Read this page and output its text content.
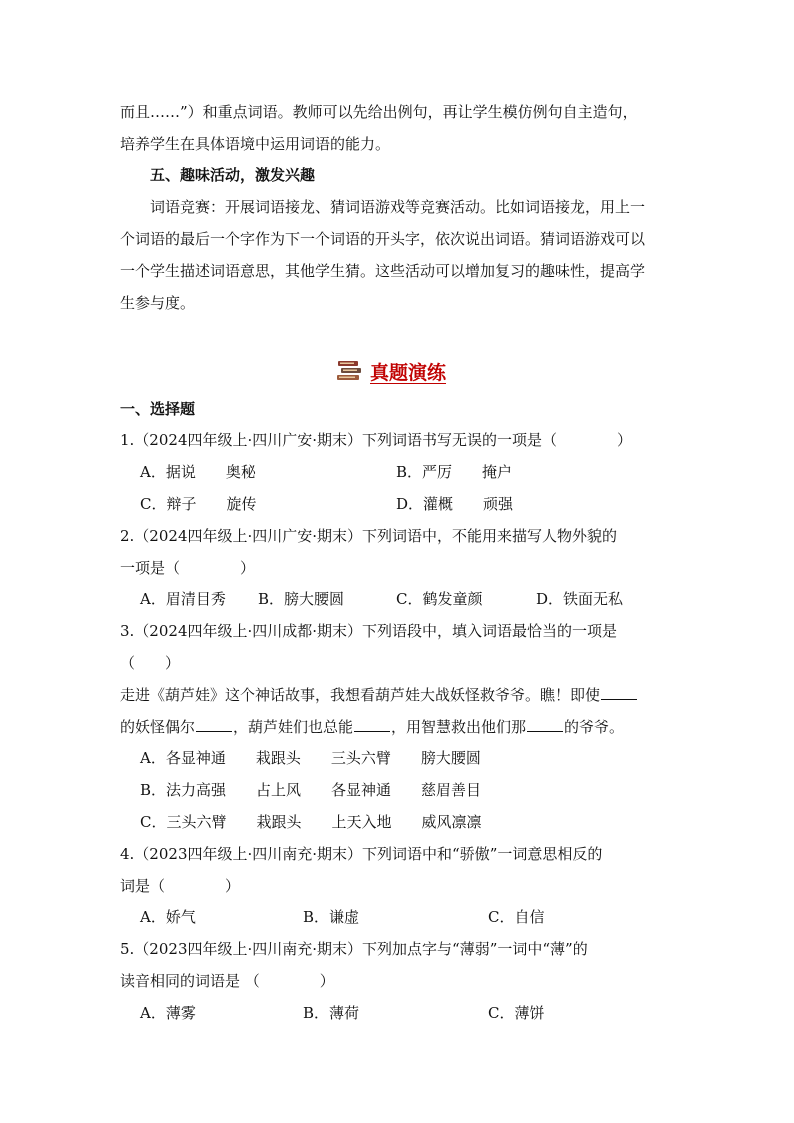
而且……”）和重点词语。教师可以先给出例句，再让学生模仿例句自主造句，
培养学生在具体语境中运用词语的能力。
五、趣味活动，激发兴趣
词语竞赛：开展词语接龙、猜词语游戏等竞赛活动。比如词语接龙，用上一
个词语的最后一个字作为下一个词语的开头字，依次说出词语。猜词语游戏可以
一个学生描述词语意思，其他学生猜。这些活动可以增加复习的趣味性，提高学
生参与度。
真题演练
一、选择题
1.（2024四年级上·四川广安·期末）下列词语书写无误的一项是（　　　　）
A．据说　　奥秘	B．严厉　　掩户
C．辩子　　旋传	D．灌概　　顽强
2.（2024四年级上·四川广安·期末）下列词语中，不能用来描写人物外貌的
一项是（　　　　）
A．眉清目秀 B．膀大腰圆	C．鹤发童颜	D．铁面无私
3.（2024四年级上·四川成都·期末）下列语段中，填入词语最恰当的一项是
（　　）
走进《葫芦娃》这个神话故事，我想看葫芦娃大战妖怪救爷爷。瞧！即使
的妖怪偶尔	，葫芦娃们也总能	，用智慧救出他们那	的爷爷。
A．各显神通　　栽跟头　　三头六臂　　膀大腰圆
B．法力高强　　占上风　　各显神通　　慈眉善目
C．三头六臂　　栽跟头　　上天入地　　威风凛凛
4.（2023四年级上·四川南充·期末）下列词语中和“骄傲”一词意思相反的
词是（　　　　）
A．娇气	B．谦虚	C．自信
5.（2023四年级上·四川南充·期末）下列加点字与“薄弱”一词中“薄”的
读音相同的词语是 （　　　　）
A．薄雾	B．薄荷	C．薄饼
